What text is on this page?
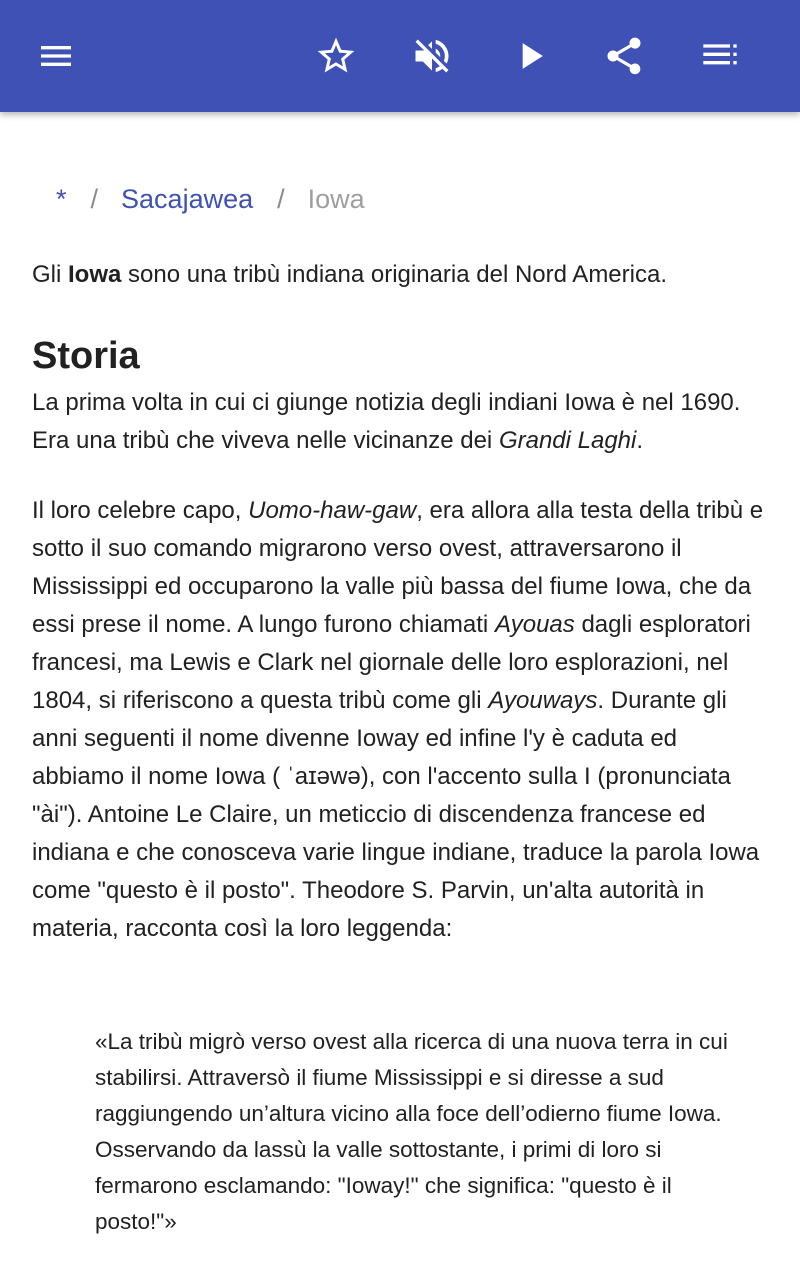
* / Sacajawea / Iowa

Gli Iowa sono una tribù indiana originaria del Nord America.

Storia

La prima volta in cui ci giunge notizia degli indiani Iowa è nel 1690. Era una tribù che viveva nelle vicinanze dei Grandi Laghi.

Il loro celebre capo, Uomo-haw-gaw, era allora alla testa della tribù e sotto il suo comando migrarono verso ovest, attraversarono il Mississippi ed occuparono la valle più bassa del fiume Iowa, che da essi prese il nome. A lungo furono chiamati Ayouas dagli esploratori francesi, ma Lewis e Clark nel giornale delle loro esplorazioni, nel 1804, si riferiscono a questa tribù come gli Ayouways. Durante gli anni seguenti il nome divenne Ioway ed infine l'y è caduta ed abbiamo il nome Iowa ( ˈaɪəwə), con l'accento sulla I (pronunciata "ài"). Antoine Le Claire, un meticcio di discendenza francese ed indiana e che conosceva varie lingue indiane, traduce la parola Iowa come "questo è il posto". Theodore S. Parvin, un'alta autorità in materia, racconta così la loro leggenda:

«La tribù migrò verso ovest alla ricerca di una nuova terra in cui stabilirsi. Attraversò il fiume Mississippi e si diresse a sud raggiungendo un’altura vicino alla foce dell’odierno fiume Iowa. Osservando da lassù la valle sottostante, i primi di loro si fermarono esclamando: "Ioway!" che significa: "questo è il posto!"»
